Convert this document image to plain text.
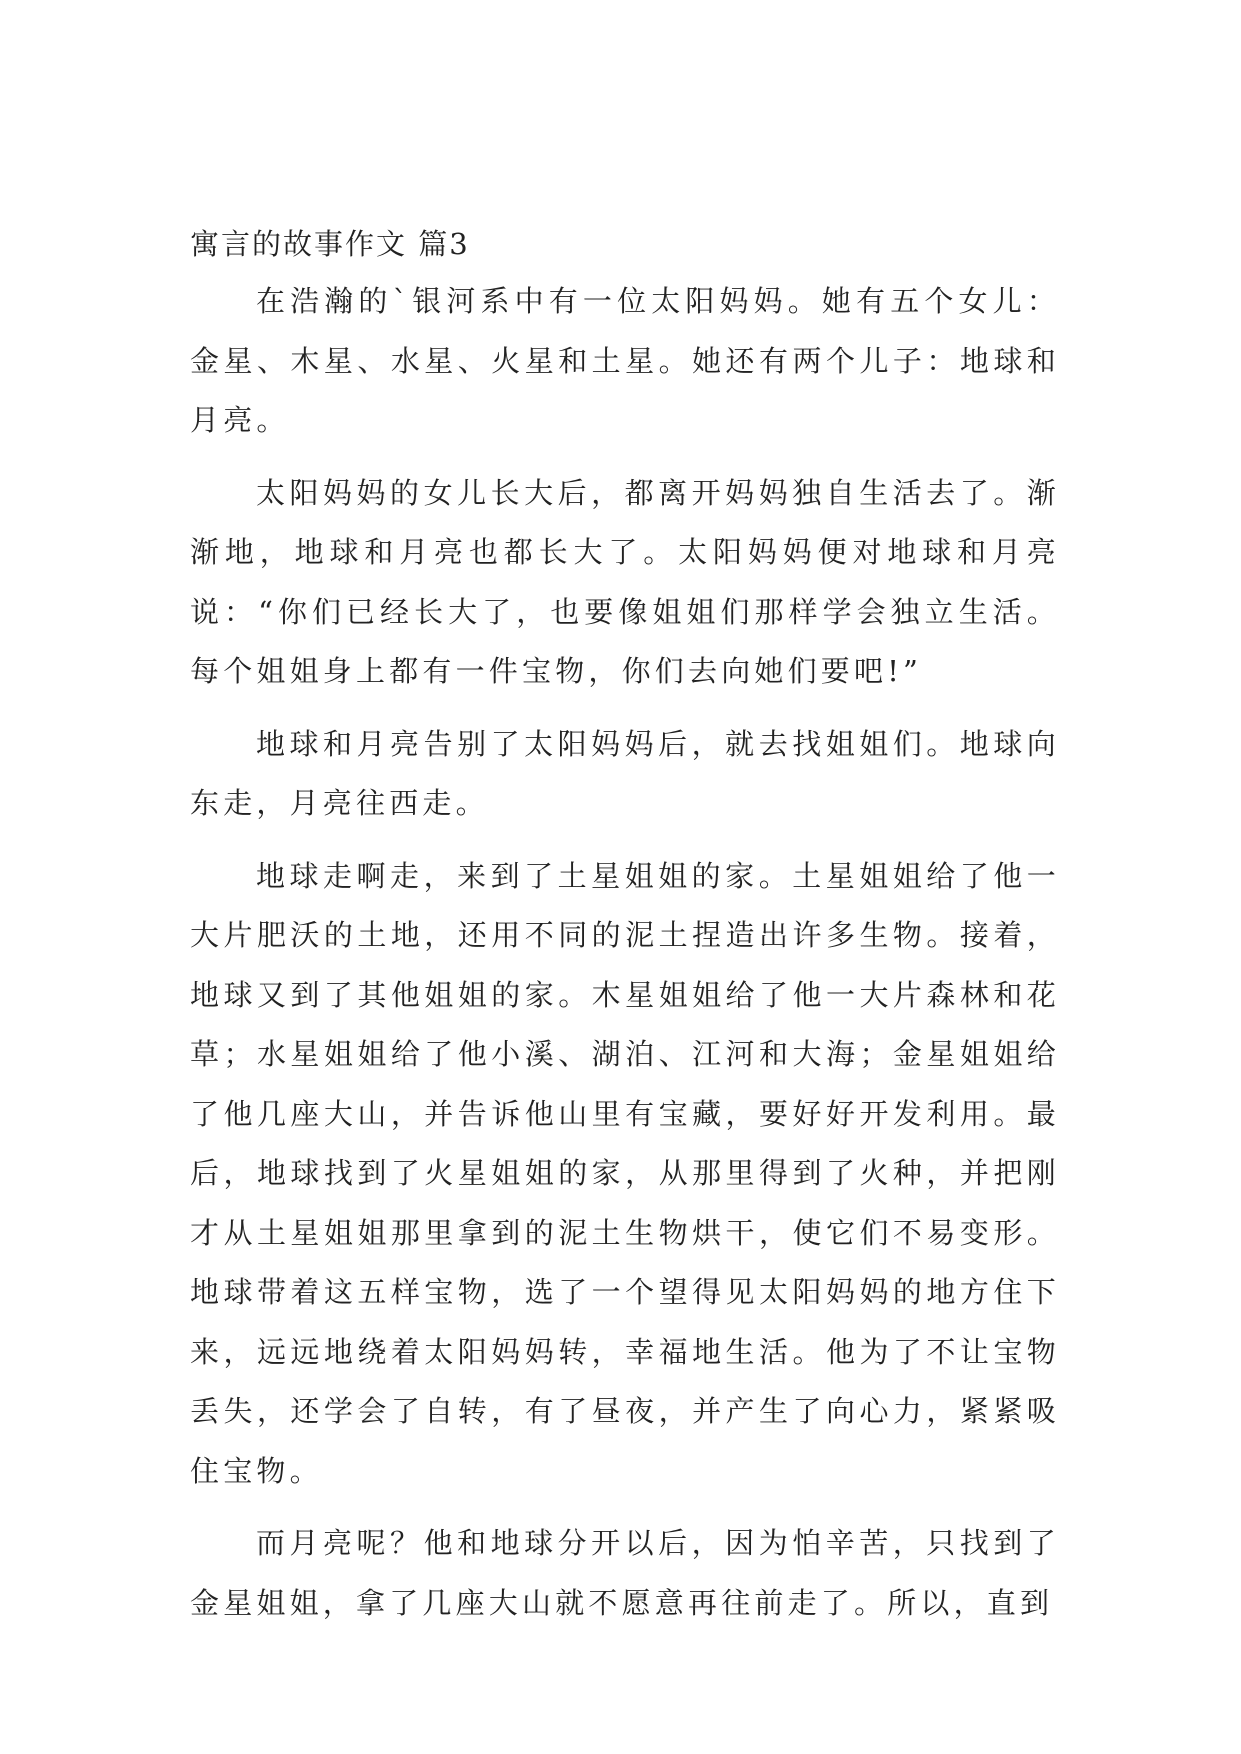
寓言的故事作文 篇3

在浩瀚的`银河系中有一位太阳妈妈。她有五个女儿：金星、木星、水星、火星和土星。她还有两个儿子：地球和月亮。

太阳妈妈的女儿长大后，都离开妈妈独自生活去了。渐渐地，地球和月亮也都长大了。太阳妈妈便对地球和月亮说：“你们已经长大了，也要像姐姐们那样学会独立生活。每个姐姐身上都有一件宝物，你们去向她们要吧!”

地球和月亮告别了太阳妈妈后，就去找姐姐们。地球向东走，月亮往西走。

地球走啊走，来到了土星姐姐的家。土星姐姐给了他一大片肥沃的土地，还用不同的泥土捏造出许多生物。接着，地球又到了其他姐姐的家。木星姐姐给了他一大片森林和花草；水星姐姐给了他小溪、湖泊、江河和大海；金星姐姐给了他几座大山，并告诉他山里有宝藏，要好好开发利用。最后，地球找到了火星姐姐的家，从那里得到了火种，并把刚才从土星姐姐那里拿到的泥土生物烘干，使它们不易变形。地球带着这五样宝物，选了一个望得见太阳妈妈的地方住下来，远远地绕着太阳妈妈转，幸福地生活。他为了不让宝物丢失，还学会了自转，有了昼夜，并产生了向心力，紧紧吸住宝物。

而月亮呢？他和地球分开以后，因为怕辛苦，只找到了金星姐姐，拿了几座大山就不愿意再往前走了。所以，直到
